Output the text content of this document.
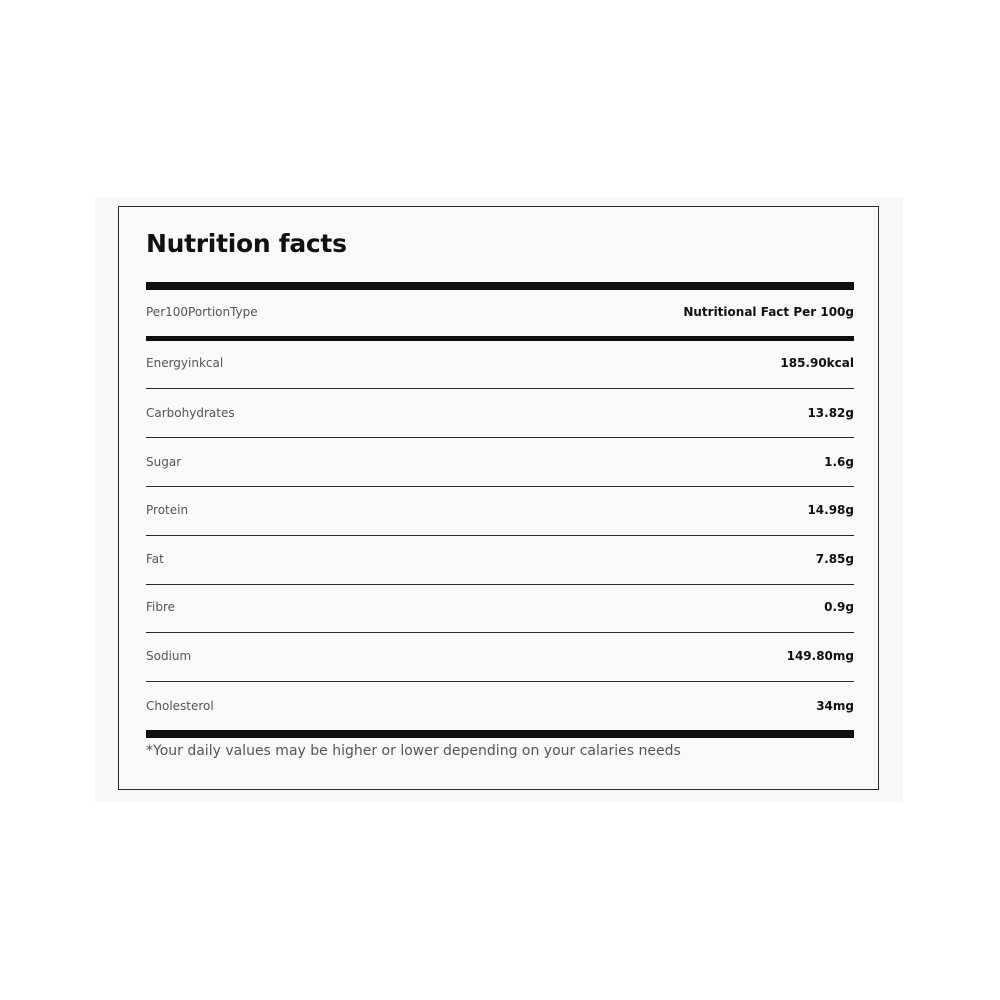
Nutrition facts
Per100PortionType	Nutritional Fact Per 100g
Energyinkcal	185.90kcal
Carbohydrates	13.82g
Sugar	1.6g
Protein	14.98g
Fat	7.85g
Fibre	0.9g
Sodium	149.80mg
Cholesterol	34mg
*Your daily values may be higher or lower depending on your calaries needs
